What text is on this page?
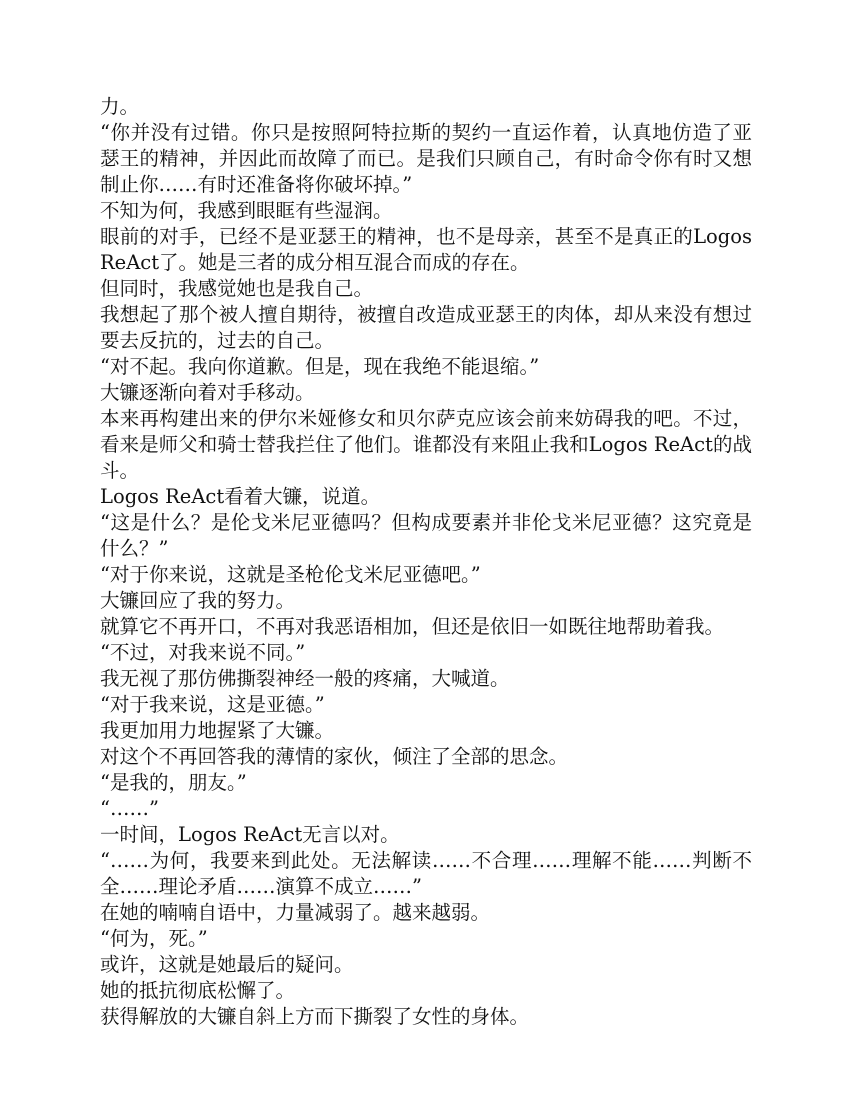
力。

“你并没有过错。你只是按照阿特拉斯的契约一直运作着，认真地仿造了亚瑟王的精神，并因此而故障了而已。是我们只顾自己，有时命令你有时又想制止你……有时还准备将你破坏掉。”

不知为何，我感到眼眶有些湿润。

眼前的对手，已经不是亚瑟王的精神，也不是母亲，甚至不是真正的Logos ReAct了。她是三者的成分相互混合而成的存在。

但同时，我感觉她也是我自己。

我想起了那个被人擅自期待，被擅自改造成亚瑟王的肉体，却从来没有想过要去反抗的，过去的自己。

“对不起。我向你道歉。但是，现在我绝不能退缩。”

大镰逐渐向着对手移动。

本来再构建出来的伊尔米娅修女和贝尔萨克应该会前来妨碍我的吧。不过，看来是师父和骑士替我拦住了他们。谁都没有来阻止我和Logos ReAct的战斗。

Logos ReAct看着大镰，说道。

“这是什么？是伦戈米尼亚德吗？但构成要素并非伦戈米尼亚德？这究竟是什么？”

“对于你来说，这就是圣枪伦戈米尼亚德吧。”

大镰回应了我的努力。

就算它不再开口，不再对我恶语相加，但还是依旧一如既往地帮助着我。

“不过，对我来说不同。”

我无视了那仿佛撕裂神经一般的疼痛，大喊道。

“对于我来说，这是亚德。”

我更加用力地握紧了大镰。

对这个不再回答我的薄情的家伙，倾注了全部的思念。

“是我的，朋友。”

“……”

一时间，Logos ReAct无言以对。

“……为何，我要来到此处。无法解读……不合理……理解不能……判断不全……理论矛盾……演算不成立……”

在她的喃喃自语中，力量减弱了。越来越弱。

“何为，死。”

或许，这就是她最后的疑问。

她的抵抗彻底松懈了。

获得解放的大镰自斜上方而下撕裂了女性的身体。
